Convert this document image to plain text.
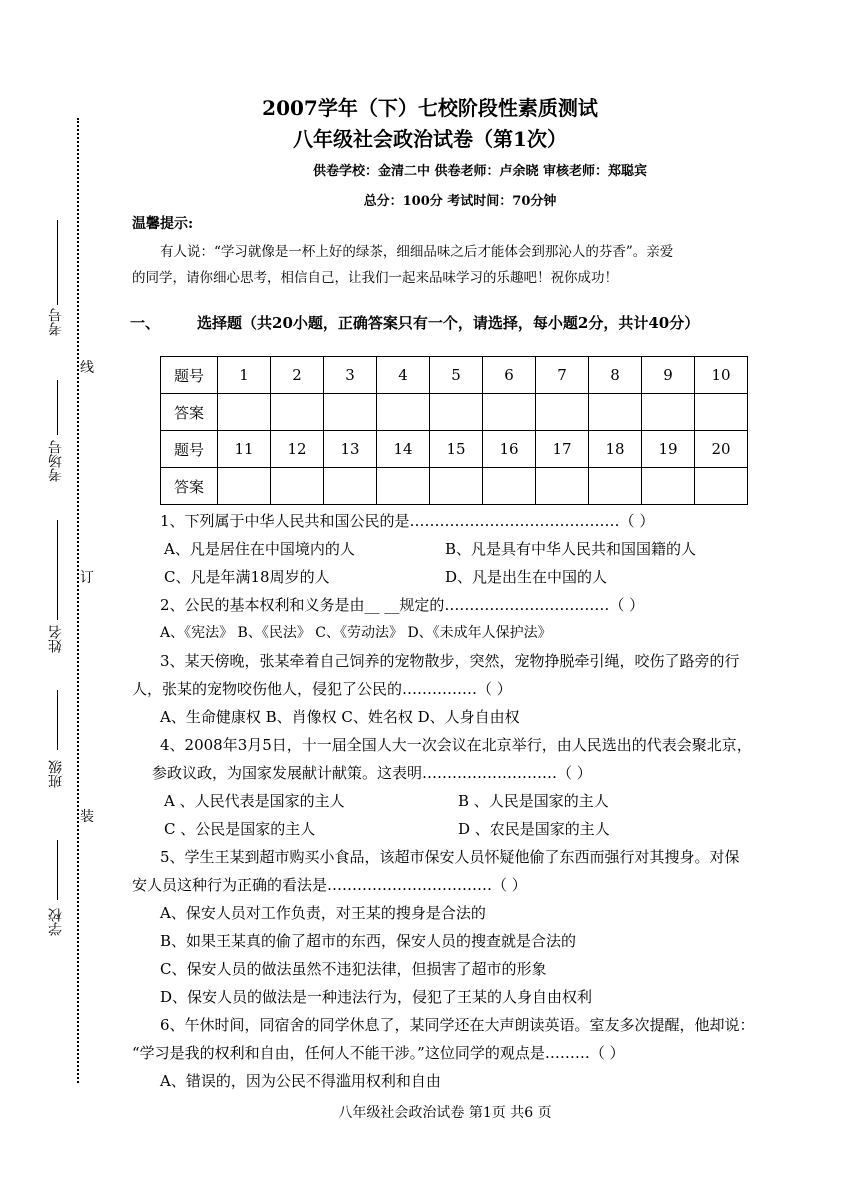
线
订
装
考号
考场号
姓名
班级
学校
2007学年（下）七校阶段性素质测试
八年级社会政治试卷（第1次）
供卷学校：金清二中 供卷老师：卢余晓 审核老师：郑聪宾
总分：100分 考试时间：70分钟
温馨提示:
有人说：“学习就像是一杯上好的绿茶，细细品味之后才能体会到那沁人的芬香”。亲爱
的同学，请你细心思考，相信自己，让我们一起来品味学习的乐趣吧！祝你成功！
一、 选择题（共20小题，正确答案只有一个，请选择，每小题2分，共计40分）
题号	1	2	3	4	5	6	7	8	9	10
答案										
题号	11	12	13	14	15	16	17	18	19	20
答案										
1、下列属于中华人民共和国公民的是……………………………………（ ）
A、凡是居住在中国境内的人	B、凡是具有中华人民共和国国籍的人
C、凡是年满18周岁的人	D、凡是出生在中国的人
2、公民的基本权利和义务是由__ __规定的……………………………（ ）
A、《宪法》 B、《民法》 C、《劳动法》 D、《未成年人保护法》
3、某天傍晚，张某牵着自己饲养的宠物散步，突然，宠物挣脱牵引绳，咬伤了路旁的行
人，张某的宠物咬伤他人，侵犯了公民的……………（ ）
A、生命健康权 B、肖像权 C、姓名权 D、人身自由权
4、2008年3月5日，十一届全国人大一次会议在北京举行，由人民选出的代表会聚北京，
参政议政，为国家发展献计献策。这表明………………………（ ）
A 、人民代表是国家的主人	B 、人民是国家的主人
C 、公民是国家的主人	D 、农民是国家的主人
5、学生王某到超市购买小食品，该超市保安人员怀疑他偷了东西而强行对其搜身。对保
安人员这种行为正确的看法是……………………………（ ）
A、保安人员对工作负责，对王某的搜身是合法的
B、如果王某真的偷了超市的东西，保安人员的搜查就是合法的
C、保安人员的做法虽然不违犯法律，但损害了超市的形象
D、保安人员的做法是一种违法行为，侵犯了王某的人身自由权利
6、午休时间，同宿舍的同学休息了，某同学还在大声朗读英语。室友多次提醒，他却说：
“学习是我的权利和自由，任何人不能干涉。”这位同学的观点是………（ ）
A、错误的，因为公民不得滥用权利和自由
八年级社会政治试卷 第1页 共6 页
